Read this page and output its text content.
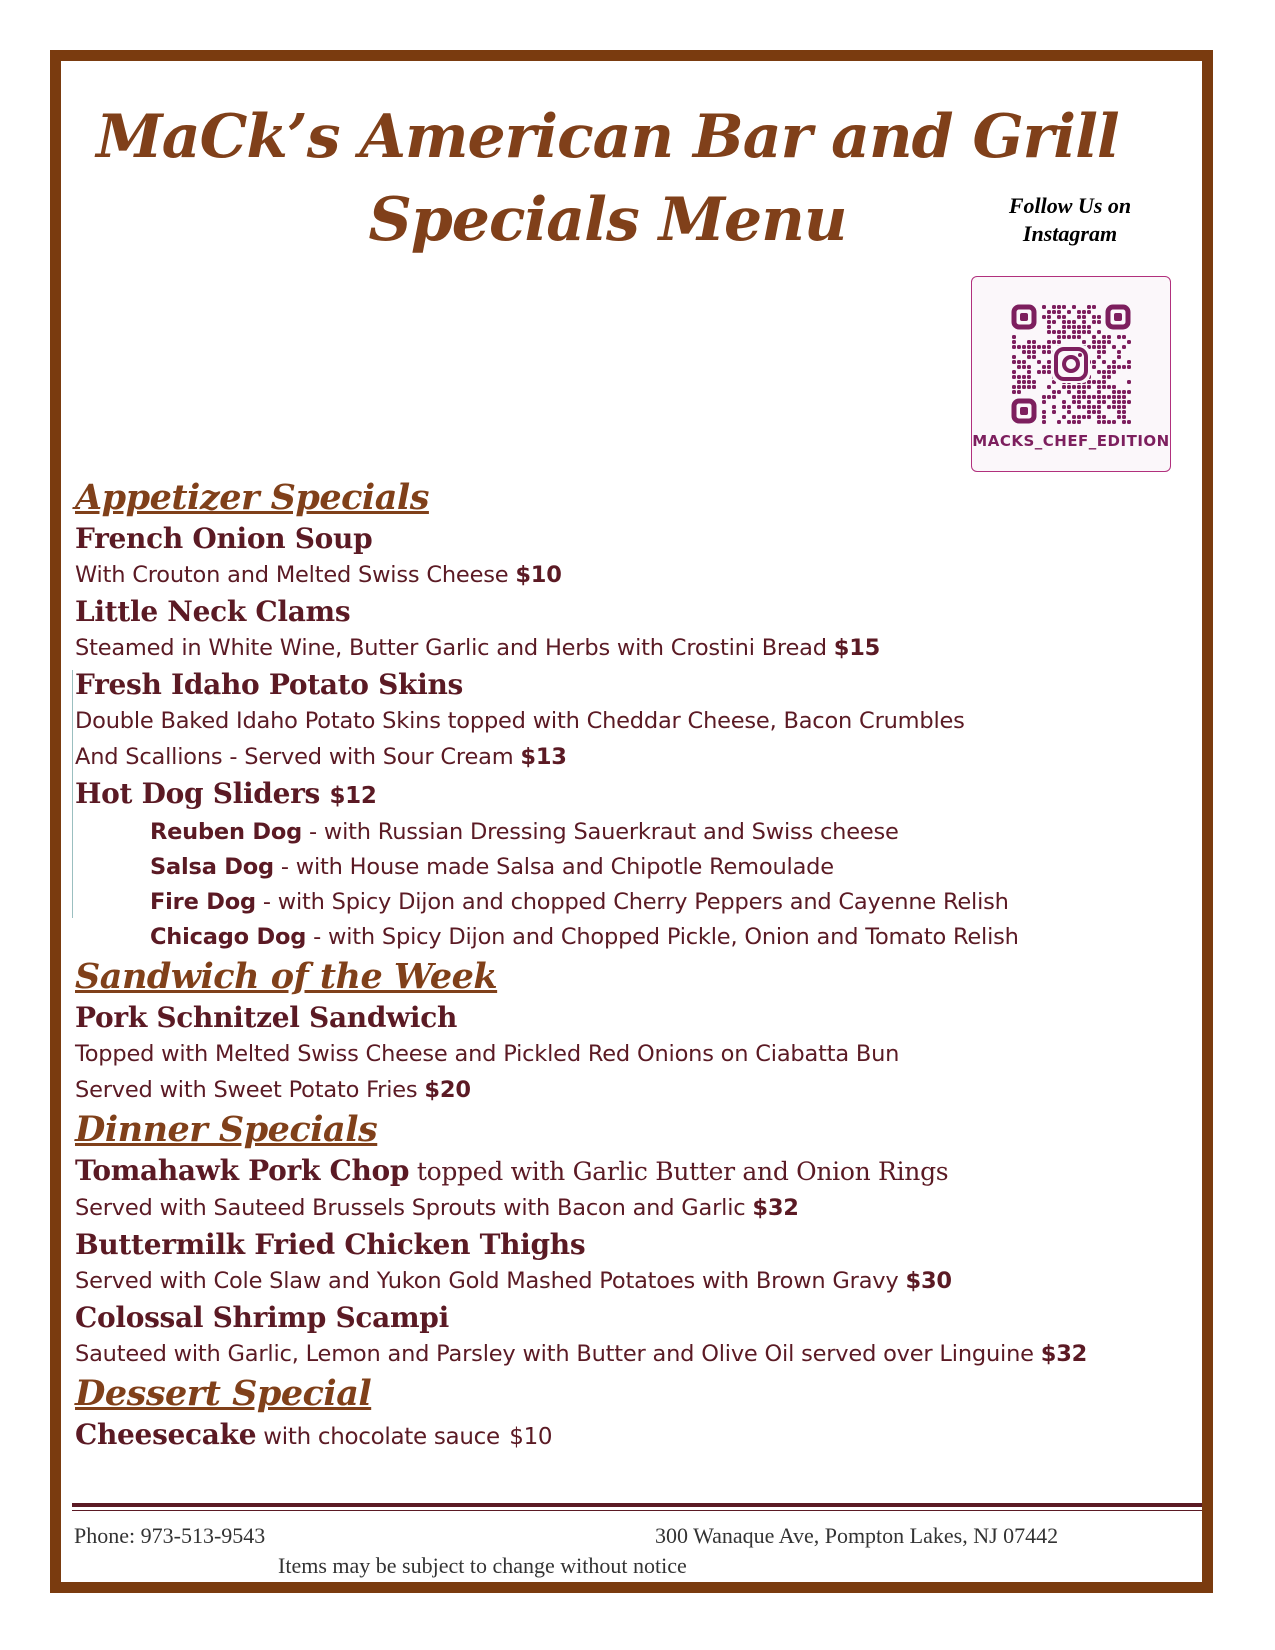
MaCk’s American Bar and Grill
Specials Menu	Follow Us on Instagram
MACKS_CHEF_EDITION
Appetizer Specials
French Onion Soup
With Crouton and Melted Swiss Cheese $10
Little Neck Clams
Steamed in White Wine, Butter Garlic and Herbs with Crostini Bread $15
Fresh Idaho Potato Skins
Double Baked Idaho Potato Skins topped with Cheddar Cheese, Bacon Crumbles
And Scallions - Served with Sour Cream $13
Hot Dog Sliders $12
Reuben Dog - with Russian Dressing Sauerkraut and Swiss cheese
Salsa Dog - with House made Salsa and Chipotle Remoulade
Fire Dog - with Spicy Dijon and chopped Cherry Peppers and Cayenne Relish
Chicago Dog - with Spicy Dijon and Chopped Pickle, Onion and Tomato Relish
Sandwich of the Week
Pork Schnitzel Sandwich
Topped with Melted Swiss Cheese and Pickled Red Onions on Ciabatta Bun
Served with Sweet Potato Fries $20
Dinner Specials
Tomahawk Pork Chop topped with Garlic Butter and Onion Rings
Served with Sauteed Brussels Sprouts with Bacon and Garlic $32
Buttermilk Fried Chicken Thighs
Served with Cole Slaw and Yukon Gold Mashed Potatoes with Brown Gravy $30
Colossal Shrimp Scampi
Sauteed with Garlic, Lemon and Parsley with Butter and Olive Oil served over Linguine $32
Dessert Special
Cheesecake with chocolate sauce $10
Phone: 973-513-9543	300 Wanaque Ave, Pompton Lakes, NJ 07442
Items may be subject to change without notice
